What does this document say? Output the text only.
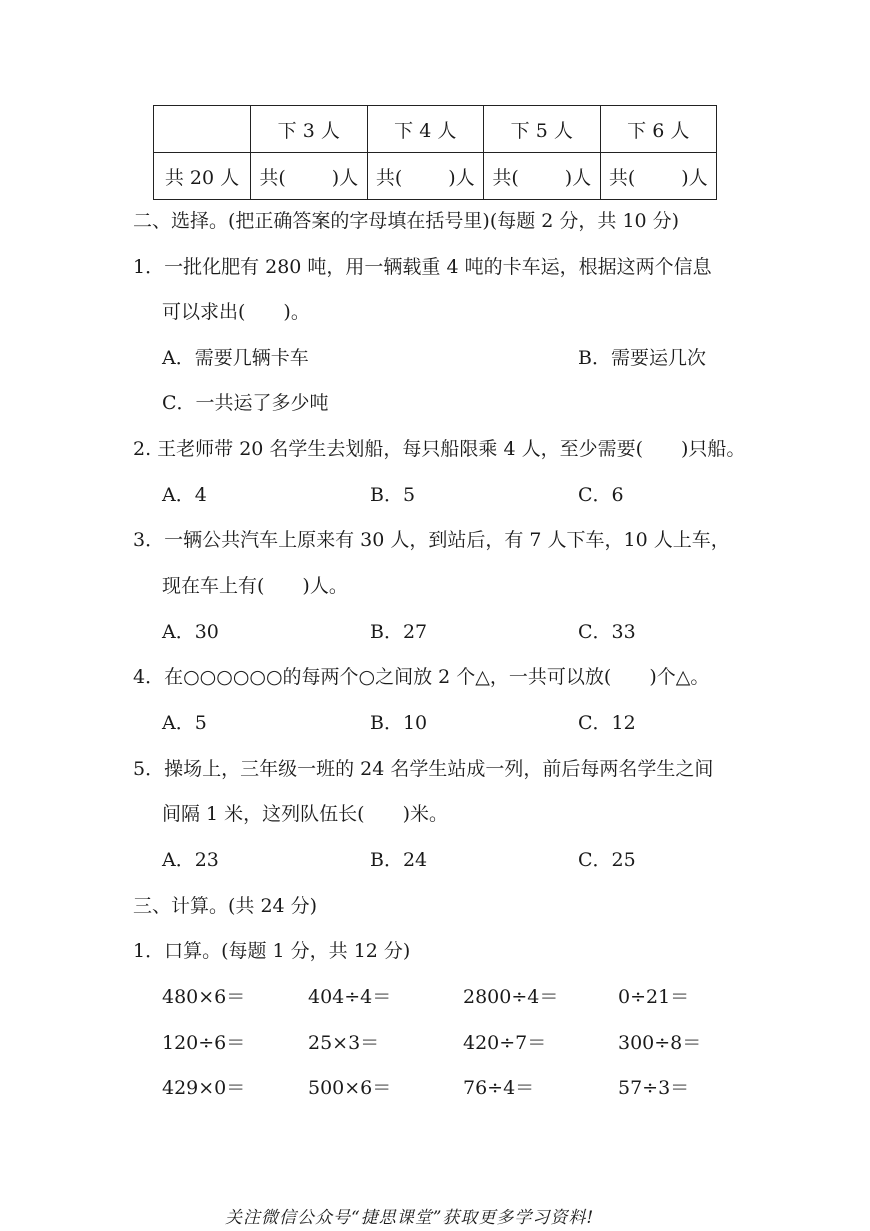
	下 3 人	下 4 人	下 5 人	下 6 人
共 20 人	共( )人	共( )人	共( )人	共( )人
二、选择。(把正确答案的字母填在括号里)(每题 2 分，共 10 分)
1．一批化肥有 280 吨，用一辆载重 4 吨的卡车运，根据这两个信息
可以求出(　　)。
A．需要几辆卡车	B．需要运几次
C．一共运了多少吨
2. 王老师带 20 名学生去划船，每只船限乘 4 人，至少需要(　　)只船。
A．4	B．5	C．6
3．一辆公共汽车上原来有 30 人，到站后，有 7 人下车，10 人上车，
现在车上有(　　)人。
A．30	B．27	C．33
4．在○○○○○○的每两个○之间放 2 个△，一共可以放(　　)个△。
A．5	B．10	C．12
5．操场上，三年级一班的 24 名学生站成一列，前后每两名学生之间
间隔 1 米，这列队伍长(　　)米。
A．23	B．24	C．25
三、计算。(共 24 分)
1．口算。(每题 1 分，共 12 分)
480×6＝	404÷4＝	2800÷4＝	0÷21＝
120÷6＝	25×3＝	420÷7＝	300÷8＝
429×0＝	500×6＝	76÷4＝	57÷3＝
关注微信公众号“捷思课堂”获取更多学习资料!
